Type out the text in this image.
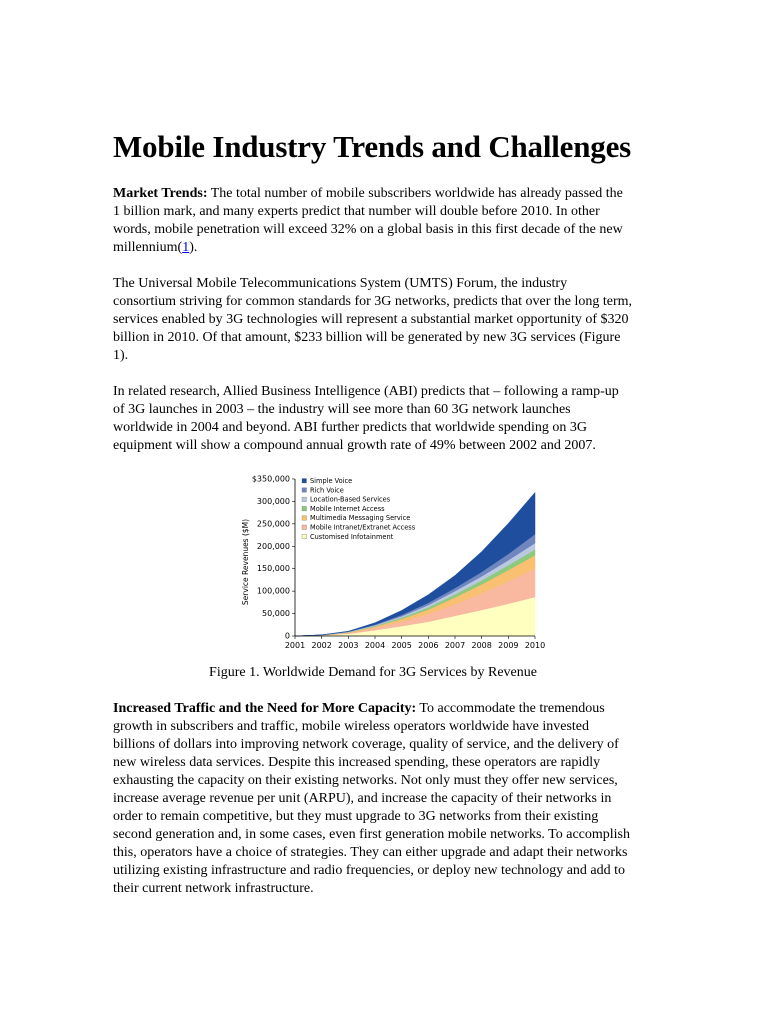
Mobile Industry Trends and Challenges

Market Trends: The total number of mobile subscribers worldwide has already passed the 1 billion mark, and many experts predict that number will double before 2010. In other words, mobile penetration will exceed 32% on a global basis in this first decade of the new millennium(1).

The Universal Mobile Telecommunications System (UMTS) Forum, the industry consortium striving for common standards for 3G networks, predicts that over the long term, services enabled by 3G technologies will represent a substantial market opportunity of $320 billion in 2010. Of that amount, $233 billion will be generated by new 3G services (Figure 1).

In related research, Allied Business Intelligence (ABI) predicts that – following a ramp-up of 3G launches in 2003 – the industry will see more than 60 3G network launches worldwide in 2004 and beyond. ABI further predicts that worldwide spending on 3G equipment will show a compound annual growth rate of 49% between 2002 and 2007.

0
50,000
100,000
150,000
200,000
250,000
300,000
$350,000
2001 2002 2003 2004 2005 2006 2007 2008 2009 2010
Simple Voice
Rich Voice
Location-Based Services
Mobile Internet Access
Multimedia Messaging Service
Mobile Intranet/Extranet Access
Customised Infotainment
Service Revenues ($M)
Figure 1. Worldwide Demand for 3G Services by Revenue

Increased Traffic and the Need for More Capacity: To accommodate the tremendous growth in subscribers and traffic, mobile wireless operators worldwide have invested billions of dollars into improving network coverage, quality of service, and the delivery of new wireless data services. Despite this increased spending, these operators are rapidly exhausting the capacity on their existing networks. Not only must they offer new services, increase average revenue per unit (ARPU), and increase the capacity of their networks in order to remain competitive, but they must upgrade to 3G networks from their existing second generation and, in some cases, even first generation mobile networks. To accomplish this, operators have a choice of strategies. They can either upgrade and adapt their networks utilizing existing infrastructure and radio frequencies, or deploy new technology and add to their current network infrastructure.
